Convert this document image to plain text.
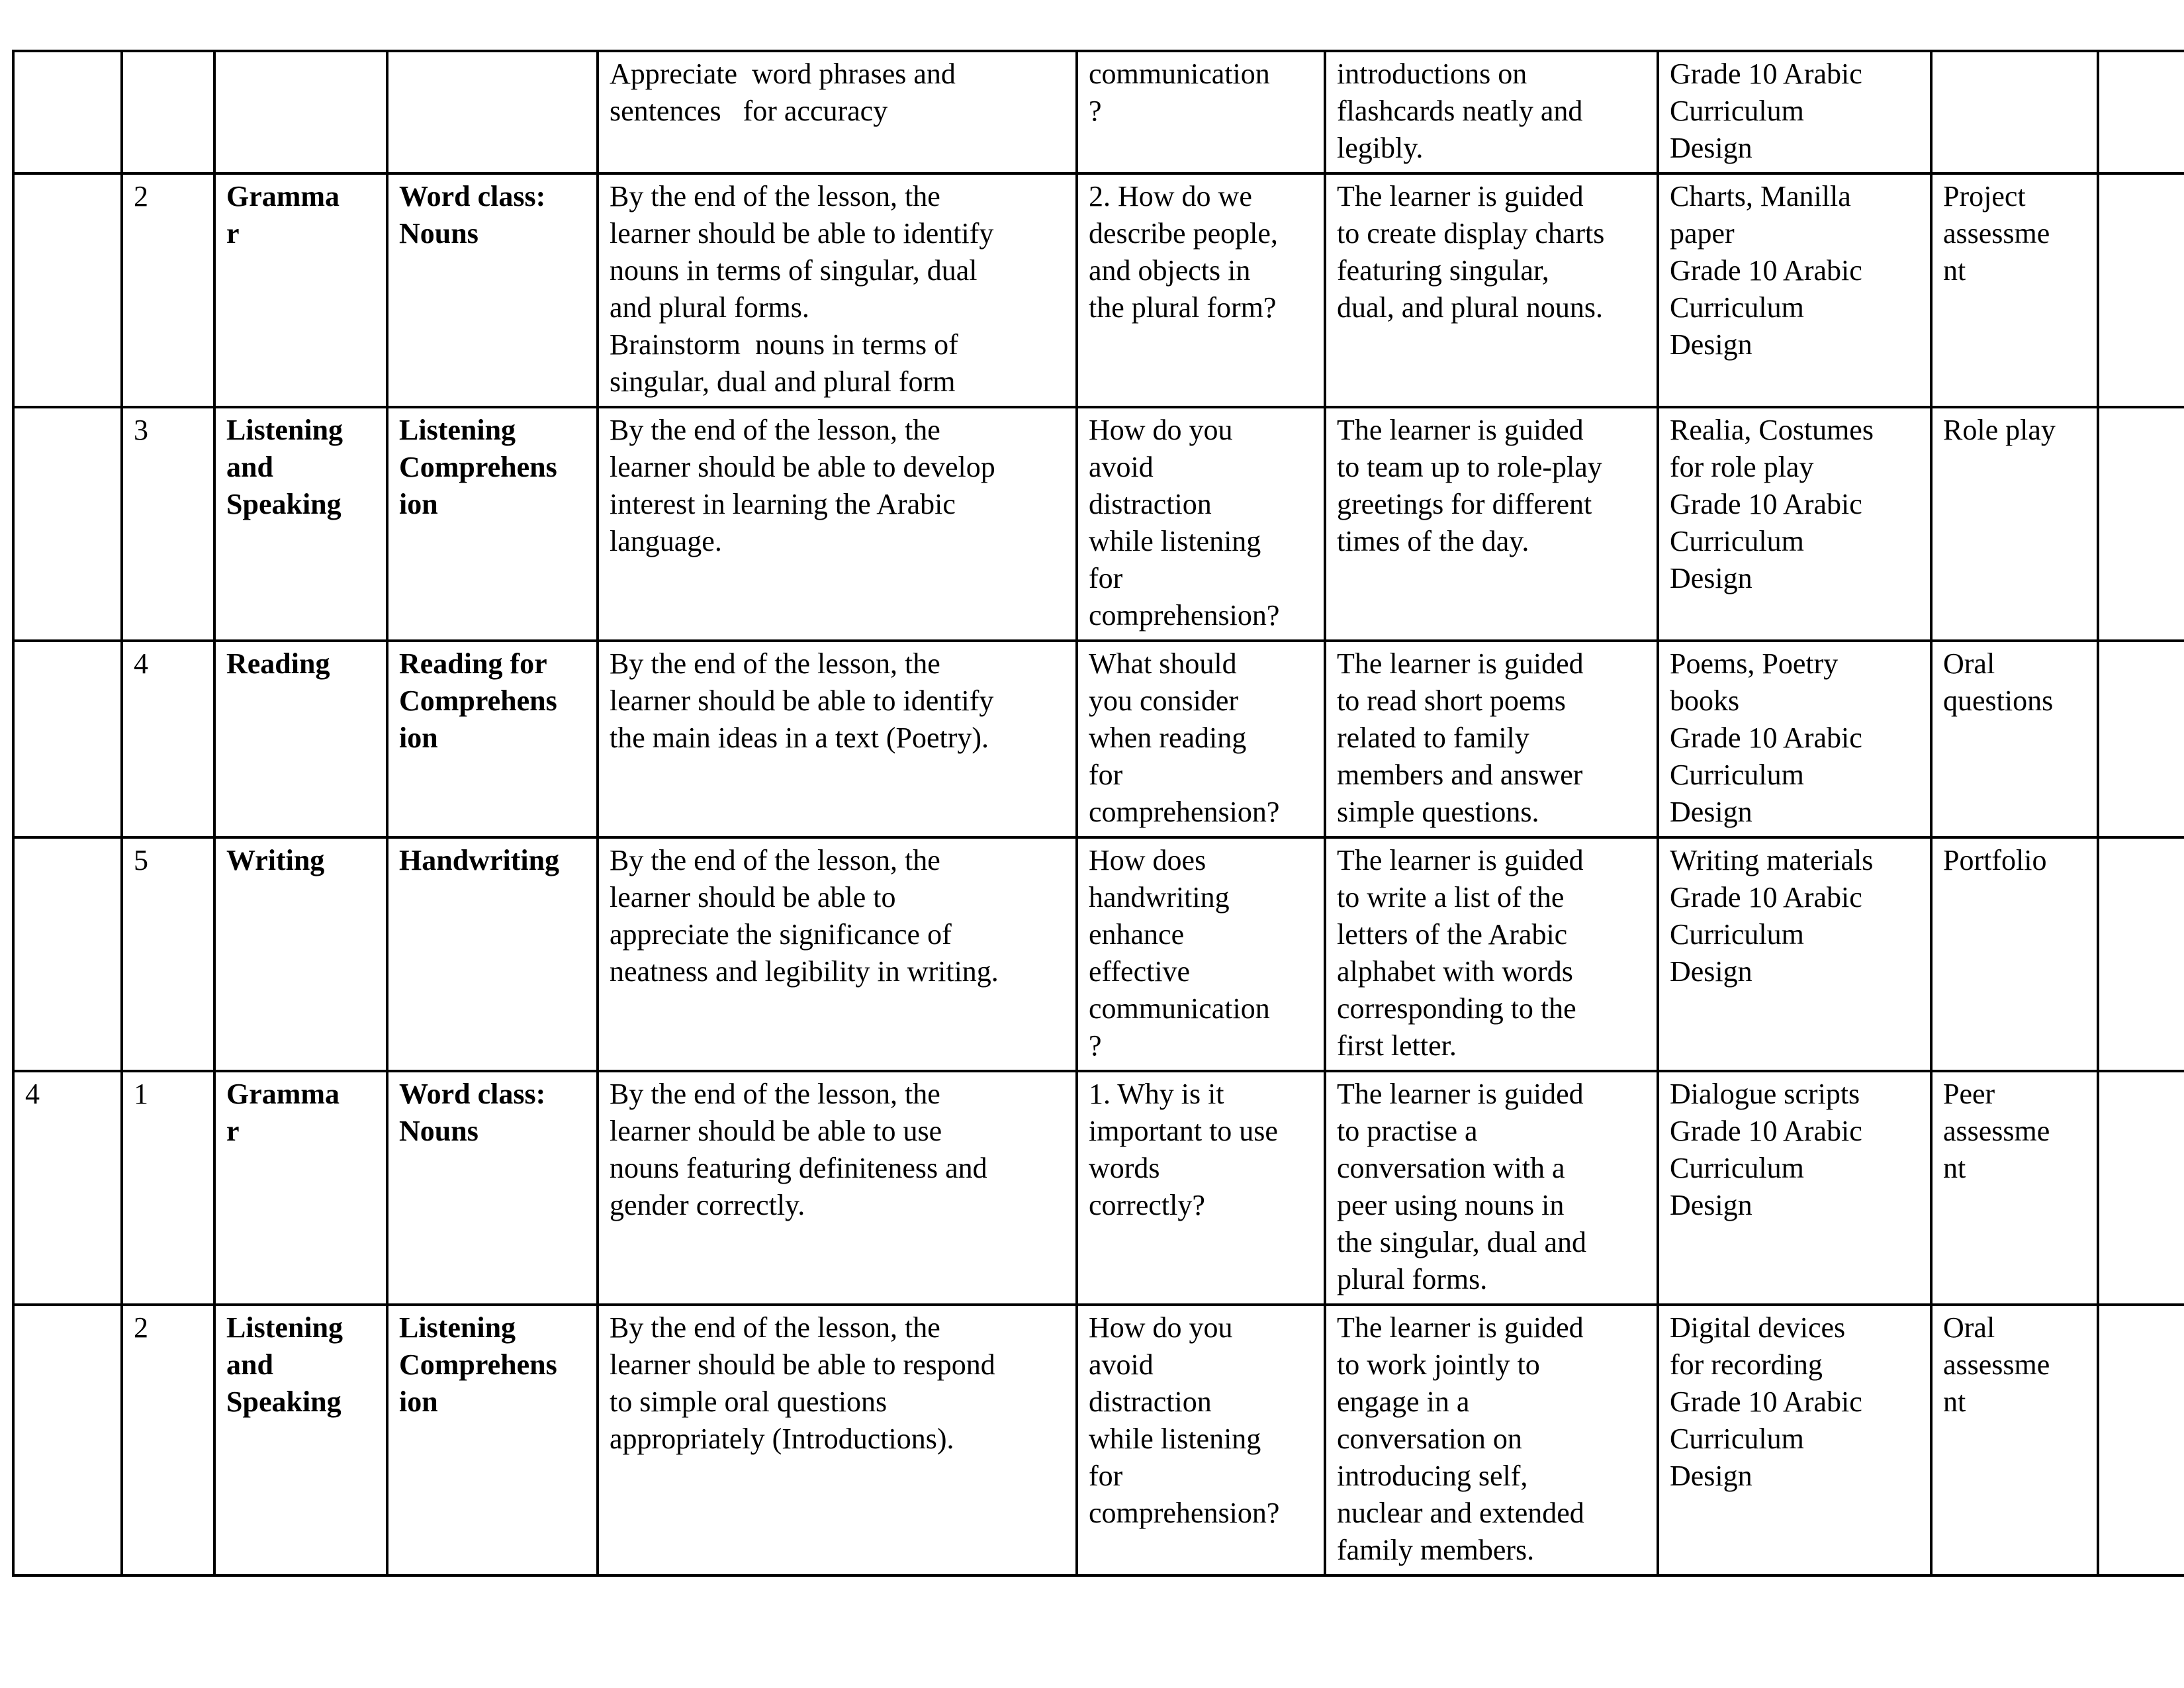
				Appreciate  word phrases and
sentences   for accuracy	communication
?	introductions on
flashcards neatly and
legibly.	Grade 10 Arabic
Curriculum
Design		
	2	Gramma
r	Word class:
Nouns	By the end of the lesson, the
learner should be able to identify
nouns in terms of singular, dual
and plural forms.
Brainstorm  nouns in terms of
singular, dual and plural form	2. How do we
describe people,
and objects in
the plural form?	The learner is guided
to create display charts
featuring singular,
dual, and plural nouns.	Charts, Manilla
paper
Grade 10 Arabic
Curriculum
Design	Project
assessme
nt	
	3	Listening
and
Speaking	Listening
Comprehens
ion	By the end of the lesson, the
learner should be able to develop
interest in learning the Arabic
language.	How do you
avoid
distraction
while listening
for
comprehension?	The learner is guided
to team up to role-play
greetings for different
times of the day.	Realia, Costumes
for role play
Grade 10 Arabic
Curriculum
Design	Role play	
	4	Reading	Reading for
Comprehens
ion	By the end of the lesson, the
learner should be able to identify
the main ideas in a text (Poetry).	What should
you consider
when reading
for
comprehension?	The learner is guided
to read short poems
related to family
members and answer
simple questions.	Poems, Poetry
books
Grade 10 Arabic
Curriculum
Design	Oral
questions	
	5	Writing	Handwriting	By the end of the lesson, the
learner should be able to
appreciate the significance of
neatness and legibility in writing.	How does
handwriting
enhance
effective
communication
?	The learner is guided
to write a list of the
letters of the Arabic
alphabet with words
corresponding to the
first letter.	Writing materials
Grade 10 Arabic
Curriculum
Design	Portfolio	
4	1	Gramma
r	Word class:
Nouns	By the end of the lesson, the
learner should be able to use
nouns featuring definiteness and
gender correctly.	1. Why is it
important to use
words
correctly?	The learner is guided
to practise a
conversation with a
peer using nouns in
the singular, dual and
plural forms.	Dialogue scripts
Grade 10 Arabic
Curriculum
Design	Peer
assessme
nt	
	2	Listening
and
Speaking	Listening
Comprehens
ion	By the end of the lesson, the
learner should be able to respond
to simple oral questions
appropriately (Introductions).	How do you
avoid
distraction
while listening
for
comprehension?	The learner is guided
to work jointly to
engage in a
conversation on
introducing self,
nuclear and extended
family members.	Digital devices
for recording
Grade 10 Arabic
Curriculum
Design	Oral
assessme
nt	
